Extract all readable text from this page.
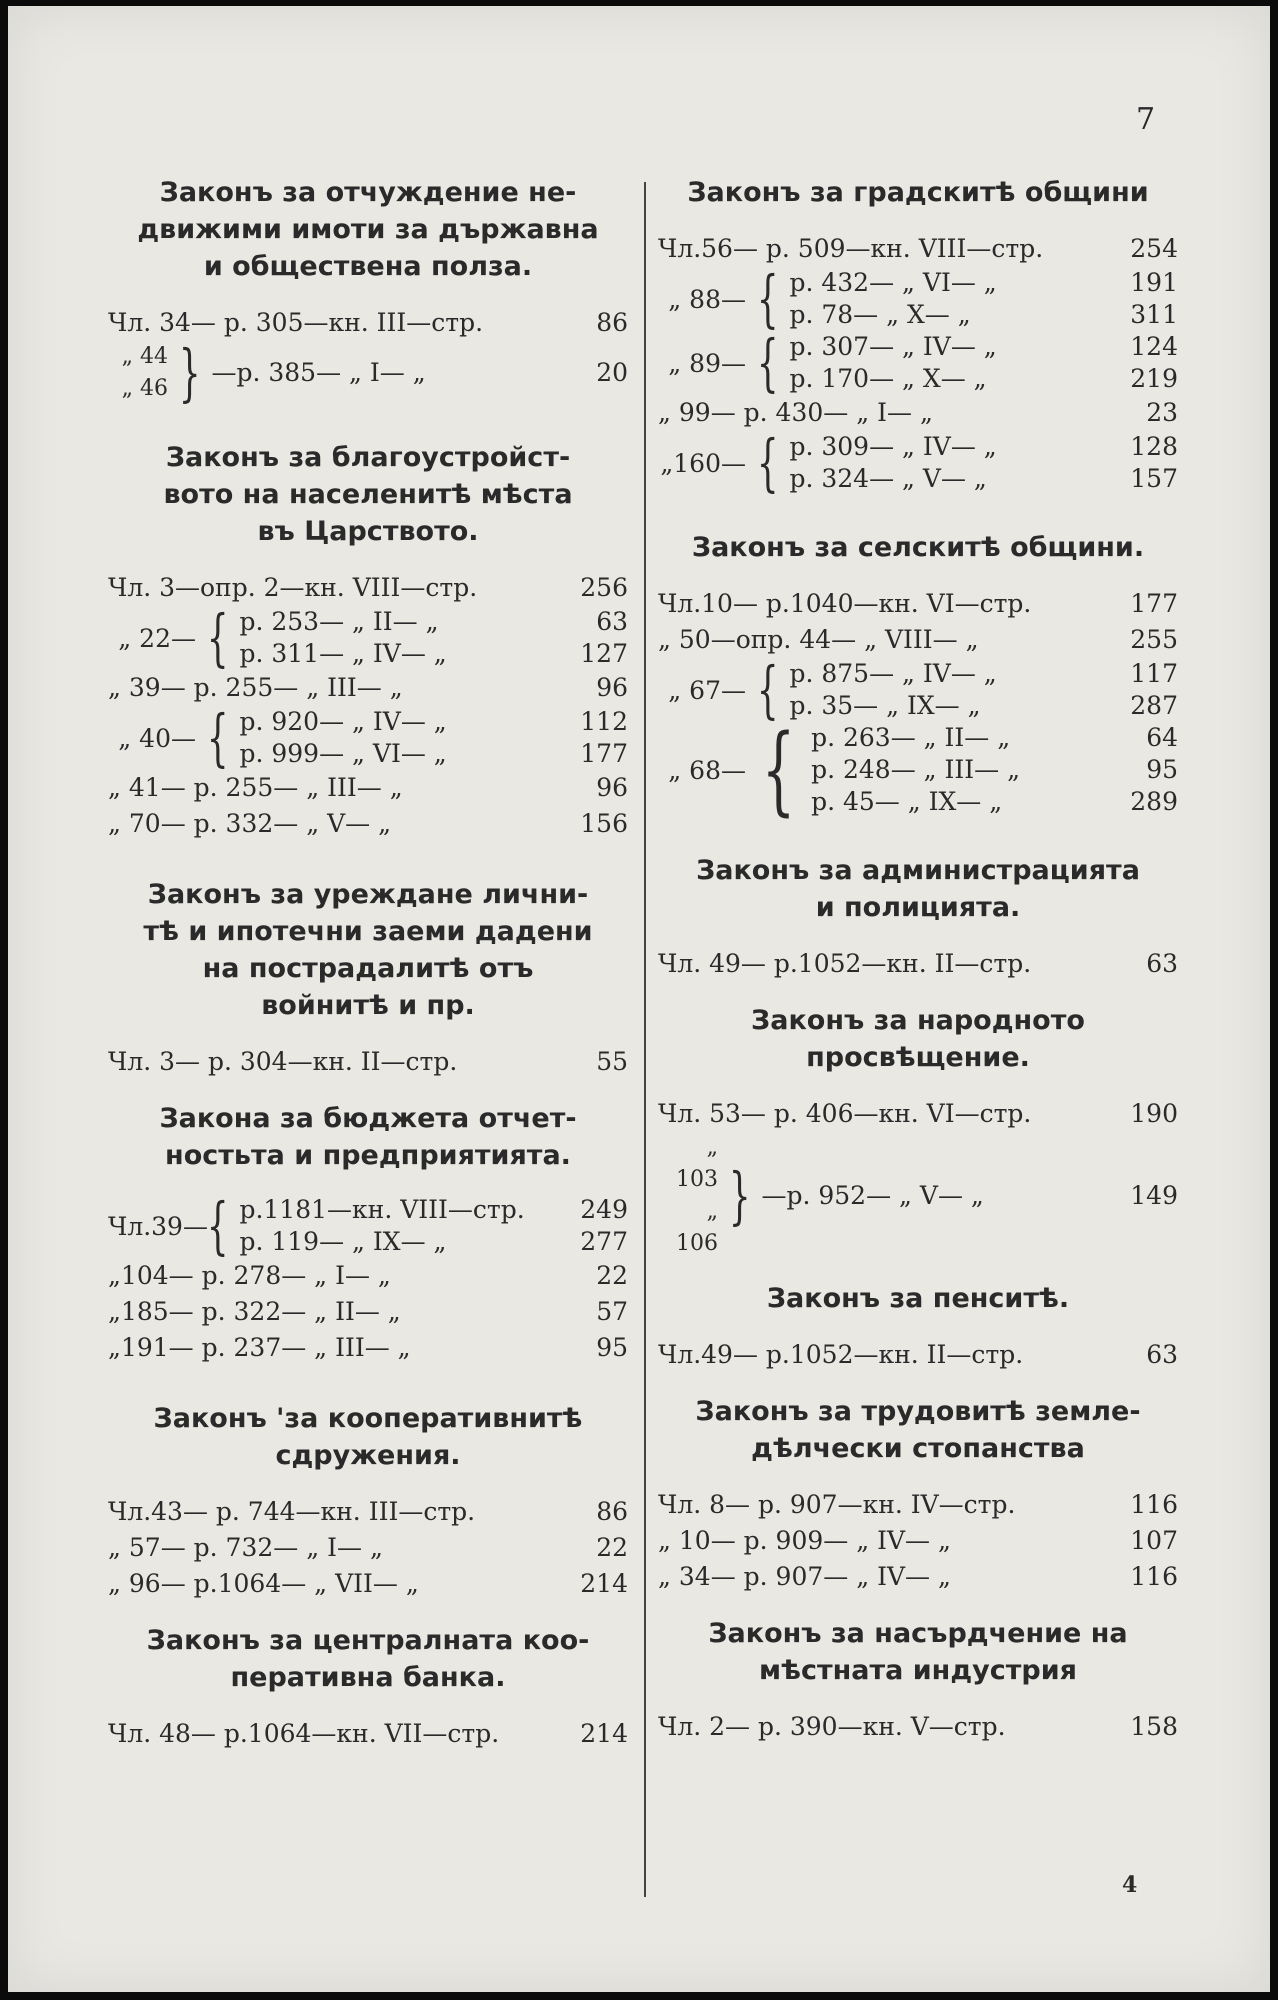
7

Законъ за отчуждение не-

движими имоти за държавна

и обществена полза.

Чл. 34— р. 305—кн. III—стр.	86
„ 44
„ 46 } —р. 385— „ I— „	20

Законъ за благоустройст-

вото на населенитѣ мѣста

въ Царството.

Чл. 3—опр. 2—кн. VIII—стр.	256
„ 22— { р. 253— „ II— „	63
р. 311— „ IV— „	127
„ 39— р. 255— „ III— „	96
„ 40— { р. 920— „ IV— „	112
р. 999— „ VI— „	177
„ 41— р. 255— „ III— „	96
„ 70— р. 332— „ V— „	156

Законъ за уреждане лични-

тѣ и ипотечни заеми дадени

на пострадалитѣ отъ

войнитѣ и пр.

Чл. 3— р. 304—кн. II—стр.	55

Закона за бюджета отчет-

ностьта и предприятията.

Чл.39—
{ р.1181—кн. VIII—стр.	249
р. 119— „ IX— „	277
„104— р. 278— „ I— „	22
„185— р. 322— „ II— „	57
„191— р. 237— „ III— „	95

Законъ 'за кооперативнитѣ

сдружения.

Чл.43— р. 744—кн. III—стр.	86
„ 57— р. 732— „ I— „	22
„ 96— р.1064— „ VII— „	214

Законъ за централната коо-

перативна банка.

Чл. 48— р.1064—кн. VII—стр.	214

Законъ за градскитѣ общини

Чл.56— р. 509—кн. VIII—стр.	254
„ 88— { р. 432— „ VI— „	191
р. 78— „ X— „	311
„ 89— { р. 307— „ IV— „	124
р. 170— „ X— „	219
„ 99— р. 430— „ I— „	23
„160— { р. 309— „ IV— „	128
р. 324— „ V— „	157

Законъ за селскитѣ общини.

Чл.10— р.1040—кн. VI—стр.	177
„ 50—опр. 44— „ VIII— „	255
„ 67— { р. 875— „ IV— „	117
р. 35— „ IX— „	287
„ 68— { р. 263— „ II— „	64
р. 248— „ III— „	95
р. 45— „ IX— „	289

Законъ за администрацията

и полицията.

Чл. 49— р.1052—кн. II—стр.	63

Законъ за народното

просвѣщение.

Чл. 53— р. 406—кн. VI—стр.	190
„ 103
„ 106
} —р. 952— „ V— „	149

Законъ за пенситѣ.

Чл.49— р.1052—кн. II—стр.	63

Законъ за трудовитѣ земле-

дѣлчески стопанства

Чл. 8— р. 907—кн. IV—стр.	116
„ 10— р. 909— „ IV— „	107
„ 34— р. 907— „ IV— „	116

Законъ за насърдчение на

мѣстната индустрия

Чл. 2— р. 390—кн. V—стр.	158
4
